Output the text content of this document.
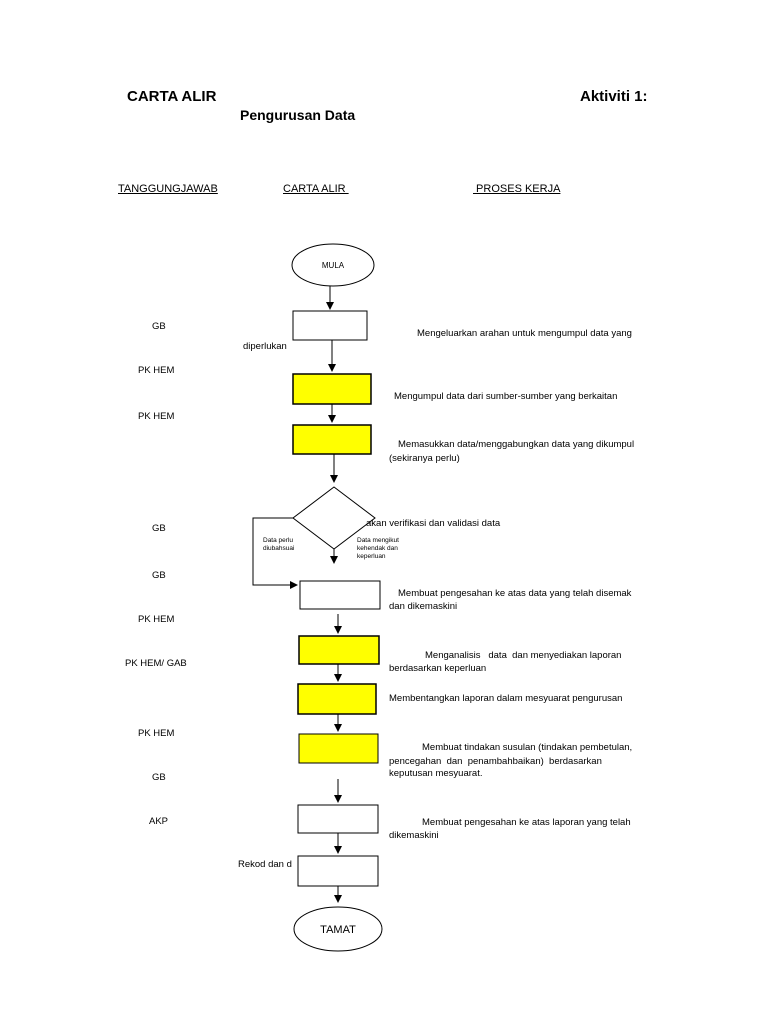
CARTA ALIR	Aktiviti 1:
Pengurusan Data
TANGGUNGJAWAB	CARTA ALIR	PROSES KERJA
MULA
TAMAT
Data perlu diubahsuai
Data mengikut kehendak dan keperluan
GB
PK HEM
PK HEM
GB
GB
PK HEM
PK HEM/ GAB
PK HEM
GB
AKP
Mengeluarkan arahan untuk mengumpul data yang
diperlukan
Mengumpul data dari sumber-sumber yang berkaitan
Memasukkan data/menggabungkan data yang dikumpul
(sekiranya perlu)
akan verifikasi dan validasi data
Membuat pengesahan ke atas data yang telah disemak
dan dikemaskini
Menganalisis   data  dan menyediakan laporan
berdasarkan keperluan
Membentangkan laporan dalam mesyuarat pengurusan
Membuat tindakan susulan (tindakan pembetulan,
pencegahan  dan  penambahbaikan)  berdasarkan
keputusan mesyuarat.
Membuat pengesahan ke atas laporan yang telah
dikemaskini
Rekod dan d
